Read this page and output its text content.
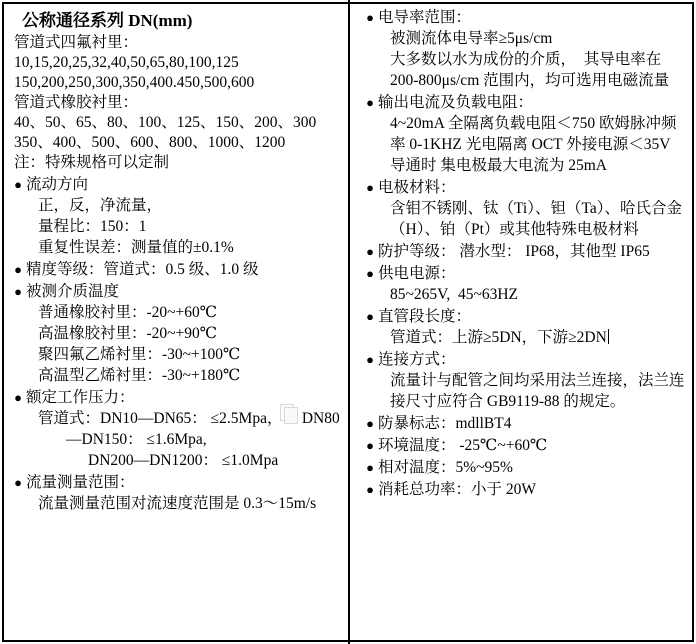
公称通径系列 DN(mm)
管道式四氟衬里：
10,15,20,25,32,40,50,65,80,100,125
150,200,250,300,350,400.450,500,600
管道式橡胶衬里：
40、50、65、80、100、125、150、200、300
350、400、500、600、800、1000、1200
注：特殊规格可以定制
● 流动方向
正，反，净流量，
量程比：150：1
重复性误差：测量值的±0.1%
● 精度等级：管道式：0.5 级、1.0 级
● 被测介质温度
普通橡胶衬里：-20~+60℃
高温橡胶衬里：-20~+90℃
聚四氟乙烯衬里：-30~+100℃
高温型乙烯衬里：-30~+180℃
● 额定工作压力：
管道式：DN10—DN65： ≤2.5Mpa，     DN80
—DN150： ≤1.6Mpa,
DN200—DN1200： ≤1.0Mpa
● 流量测量范围：
流量测量范围对流速度范围是 0.3～15m/s
● 电导率范围：
被测流体电导率≥5μs/cm
大多数以水为成份的介质，  其导电率在
200-800μs/cm 范围内，均可选用电磁流量
● 输出电流及负载电阻：
4~20mA 全隔离负载电阻＜750 欧姆脉冲频
率 0-1KHZ 光电隔离 OCT 外接电源＜35V
导通时 集电极最大电流为 25mA
● 电极材料：
含钼不锈刚、钛（Ti）、钽（Ta）、哈氏合金
（H）、铂（Pt）或其他特殊电极材料
● 防护等级： 潜水型： IP68，其他型 IP65
● 供电电源：
85~265V,  45~63HZ
● 直管段长度：
管道式：上游≥5DN，下游≥2DN
● 连接方式：
流量计与配管之间均采用法兰连接，法兰连
接尺寸应符合 GB9119-88 的规定。
● 防暴标志：mdllBT4
● 环境温度： -25℃~+60℃
● 相对温度：5%~95%
● 消耗总功率：小于 20W
